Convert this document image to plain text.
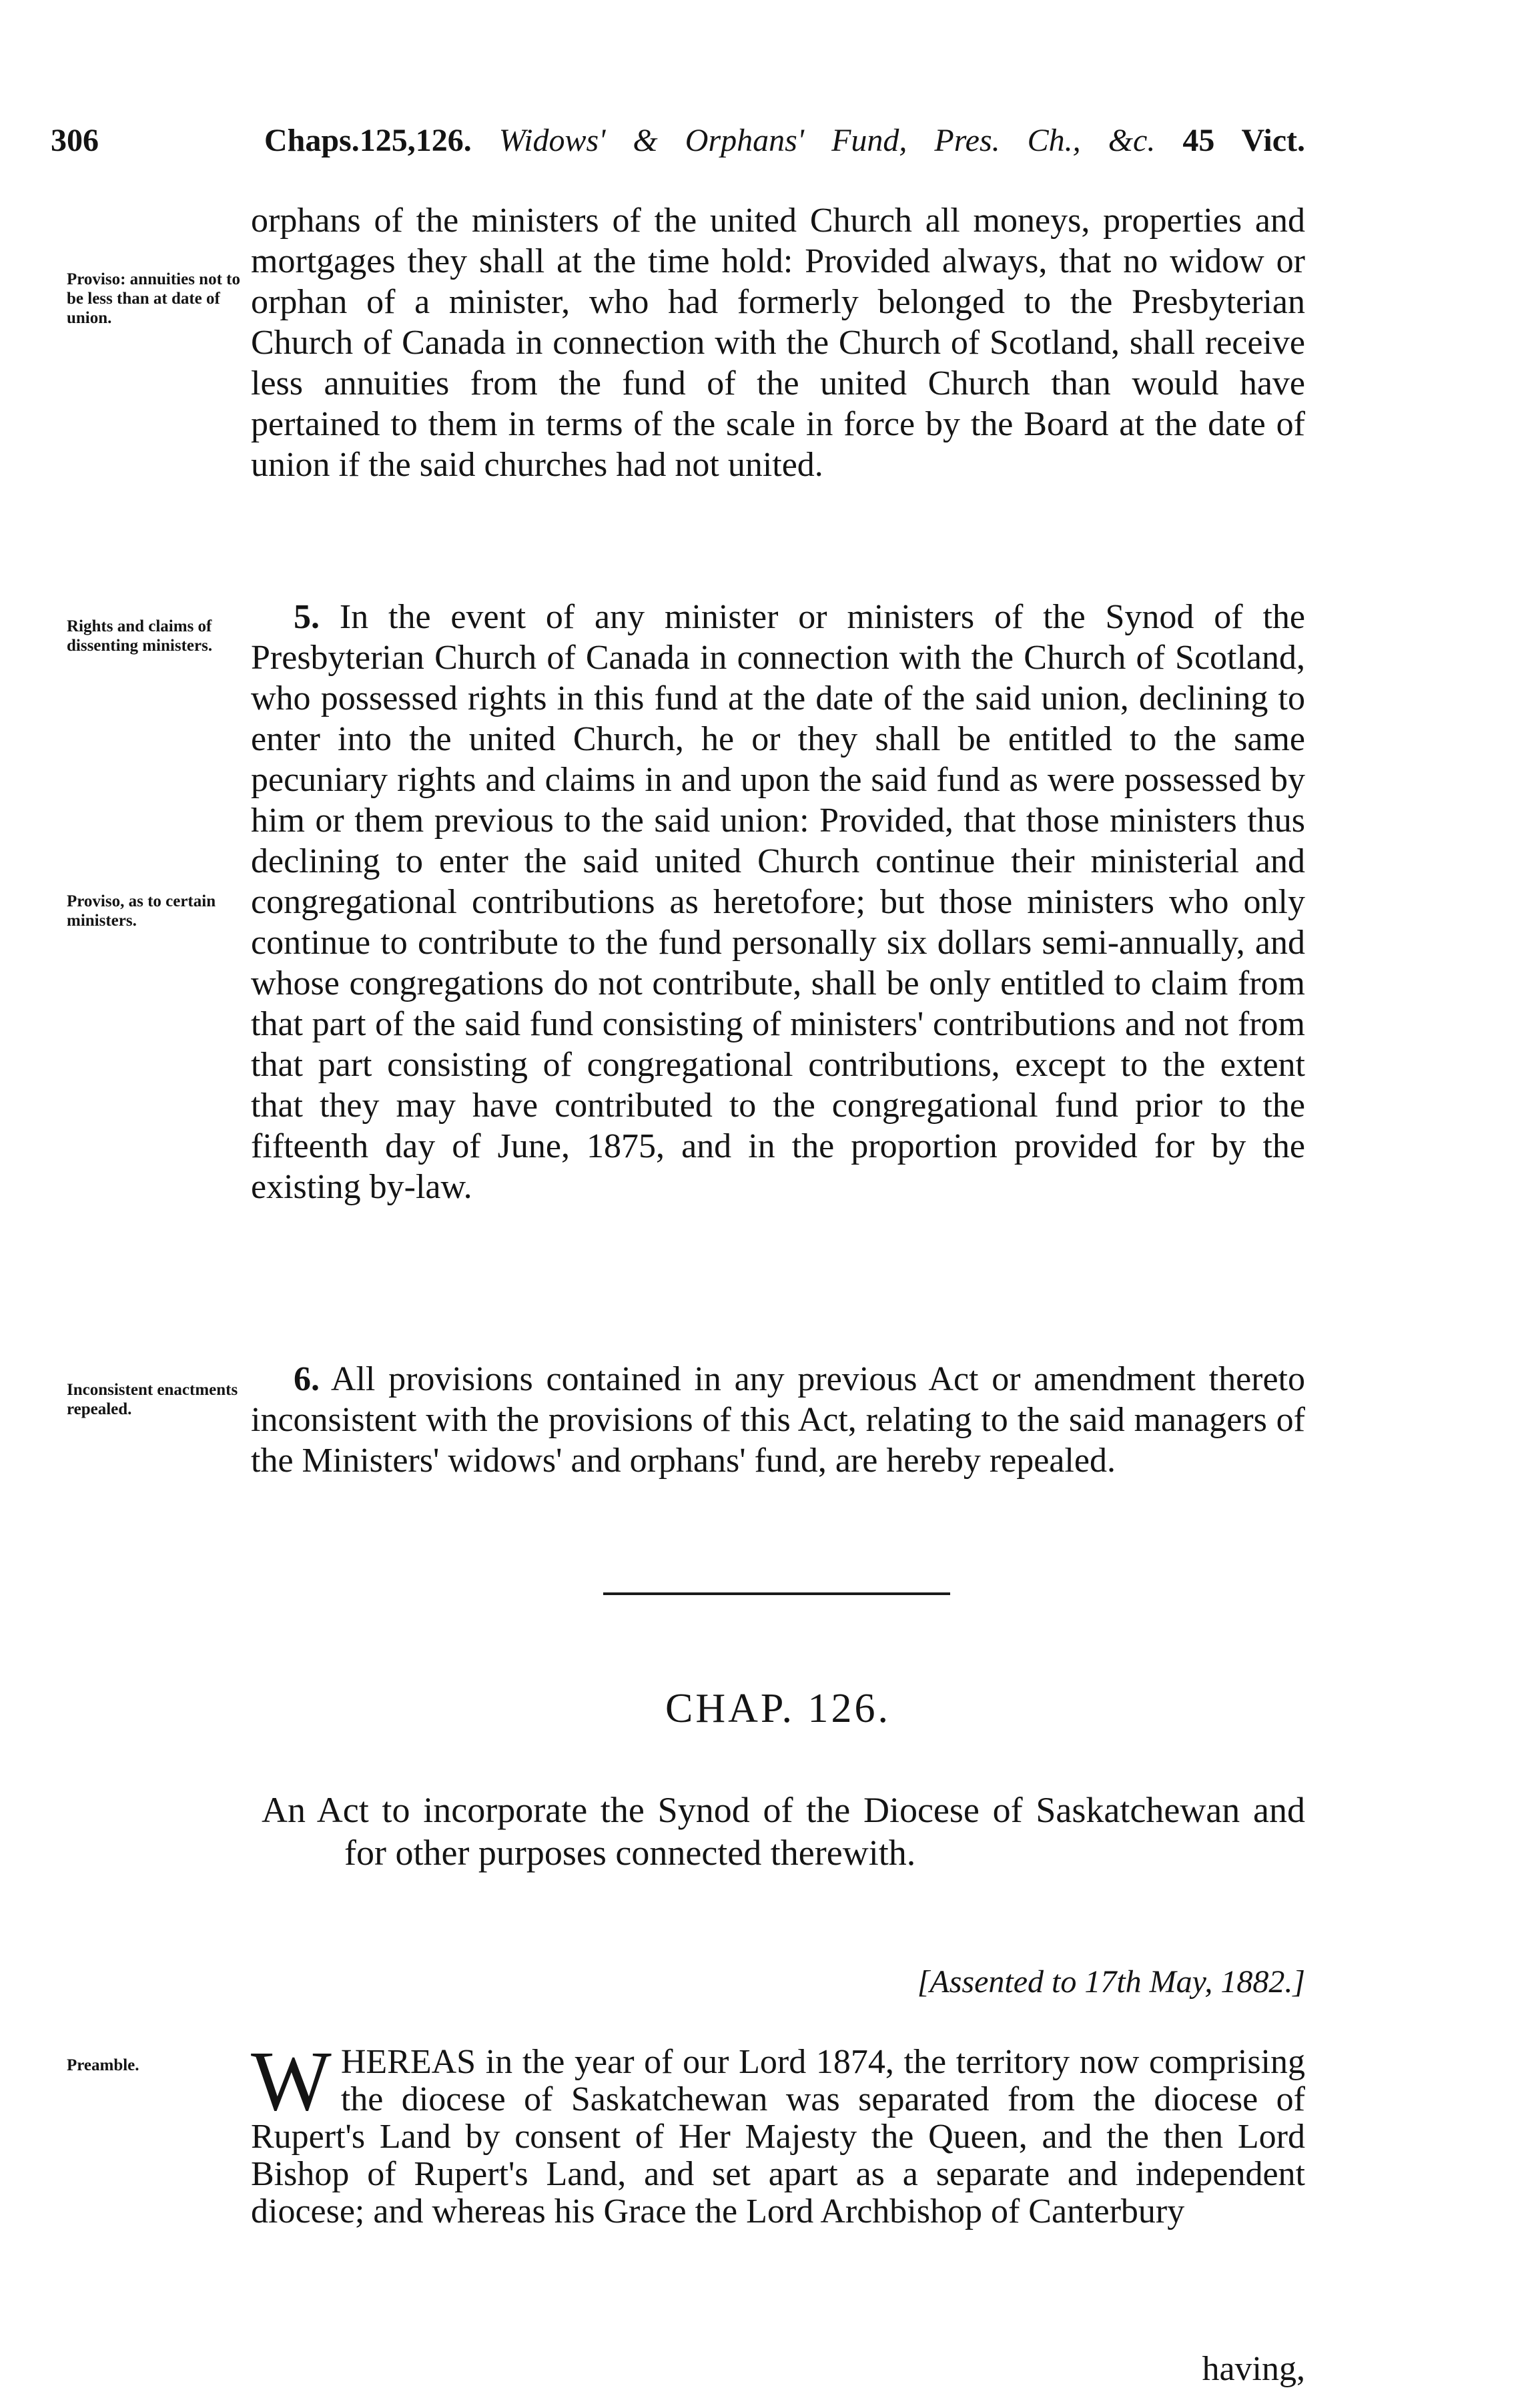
306	Chaps.125,126. Widows' & Orphans' Fund, Pres. Ch., &c. 45 Vict.
Proviso: annuities not to be less than at date of union.

orphans of the ministers of the united Church all moneys, properties and mortgages they shall at the time hold: Provided always, that no widow or orphan of a minister, who had formerly belonged to the Presbyterian Church of Canada in connection with the Church of Scotland, shall receive less annuities from the fund of the united Church than would have pertained to them in terms of the scale in force by the Board at the date of union if the said churches had not united.

Rights and claims of dissenting ministers.
Proviso, as to certain ministers.

5. In the event of any minister or ministers of the Synod of the Presbyterian Church of Canada in connection with the Church of Scotland, who possessed rights in this fund at the date of the said union, declining to enter into the united Church, he or they shall be entitled to the same pecuniary rights and claims in and upon the said fund as were possessed by him or them previous to the said union: Provided, that those ministers thus declining to enter the said united Church continue their ministerial and congregational contributions as heretofore; but those ministers who only continue to contribute to the fund personally six dollars semi-annually, and whose congregations do not contribute, shall be only entitled to claim from that part of the said fund consisting of ministers' contributions and not from that part consisting of congregational contributions, except to the extent that they may have contributed to the congregational fund prior to the fifteenth day of June, 1875, and in the proportion provided for by the existing by-law.

Inconsistent enactments repealed.

6. All provisions contained in any previous Act or amendment thereto inconsistent with the provisions of this Act, relating to the said managers of the Ministers' widows' and orphans' fund, are hereby repealed.

CHAP. 126.
An Act to incorporate the Synod of the Diocese of Saskatchewan and for other purposes connected therewith.
[Assented to 17th May, 1882.]
Preamble.	WHEREAS in the year of our Lord 1874, the territory now comprising the diocese of Saskatchewan was separated from the diocese of Rupert's Land by consent of Her Majesty the Queen, and the then Lord Bishop of Rupert's Land, and set apart as a separate and independent diocese; and whereas his Grace the Lord Archbishop of Canterbury

having,
